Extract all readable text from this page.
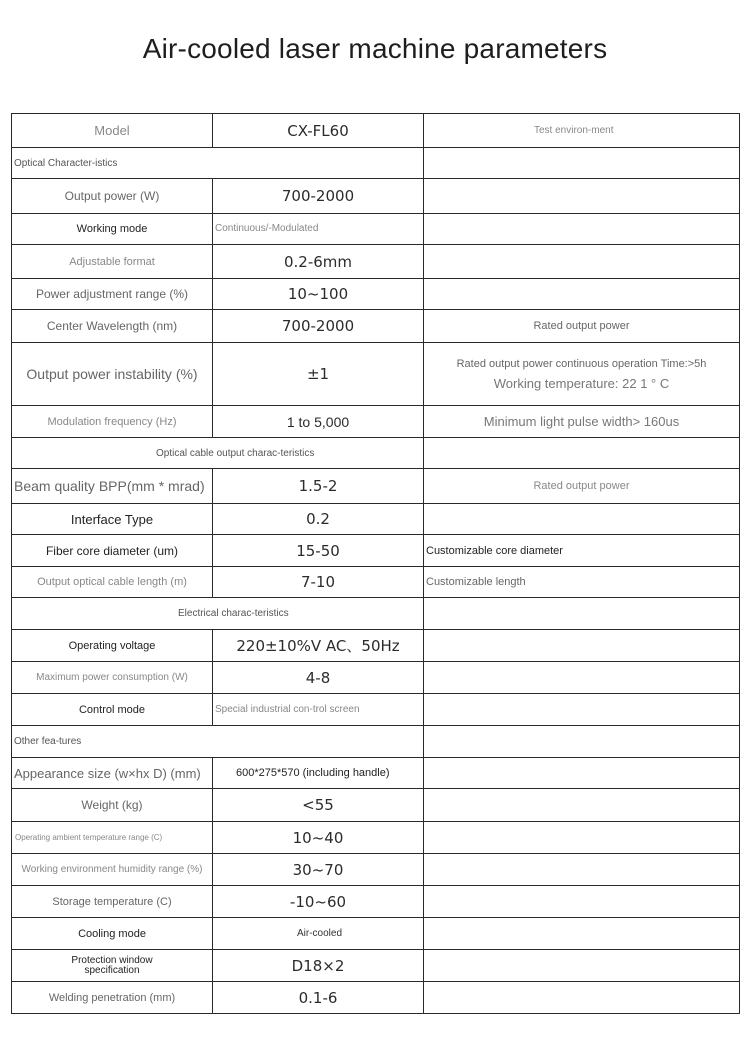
Air-cooled laser machine parameters
Model	CX-FL60	Test environ-ment

Optical Character-istics		

Output power (W)	700-2000	
Working mode	Continuous/-Modulated	

Adjustable format	0.2-6mm	
Power adjustment range (%)	10~100	
Center Wavelength (nm)	700-2000	Rated output power
Output power instability (%)	±1	Rated output power continuous operation Time:>5h
Working temperature: 22 1 ° C

Modulation frequency (Hz)	1 to 5,000	Minimum light pulse width> 160us

Optical cable output charac-teristics		

Beam quality BPP(mm * mrad)	1.5-2	Rated output power
Interface Type	0.2	
Fiber core diameter (um)	15-50	Customizable core diameter

Output optical cable length (m)	7-10	Customizable length

Electrical charac-teristics		

Operating voltage	220±10%V AC、50Hz	
Maximum power consumption (W)	4-8	
Control mode	Special industrial con-trol screen	

Other fea-tures		

Appearance size (w×hx D) (mm)	600*275*570 (including handle)	
Weight (kg)	<55	
Operating ambient temperature range (C)	10~40	
Working environment humidity range (%)	30~70	
Storage temperature (C)	-10~60	
Cooling mode	Air-cooled	

Protection window specification	D18×2	
Welding penetration (mm)	0.1-6	
